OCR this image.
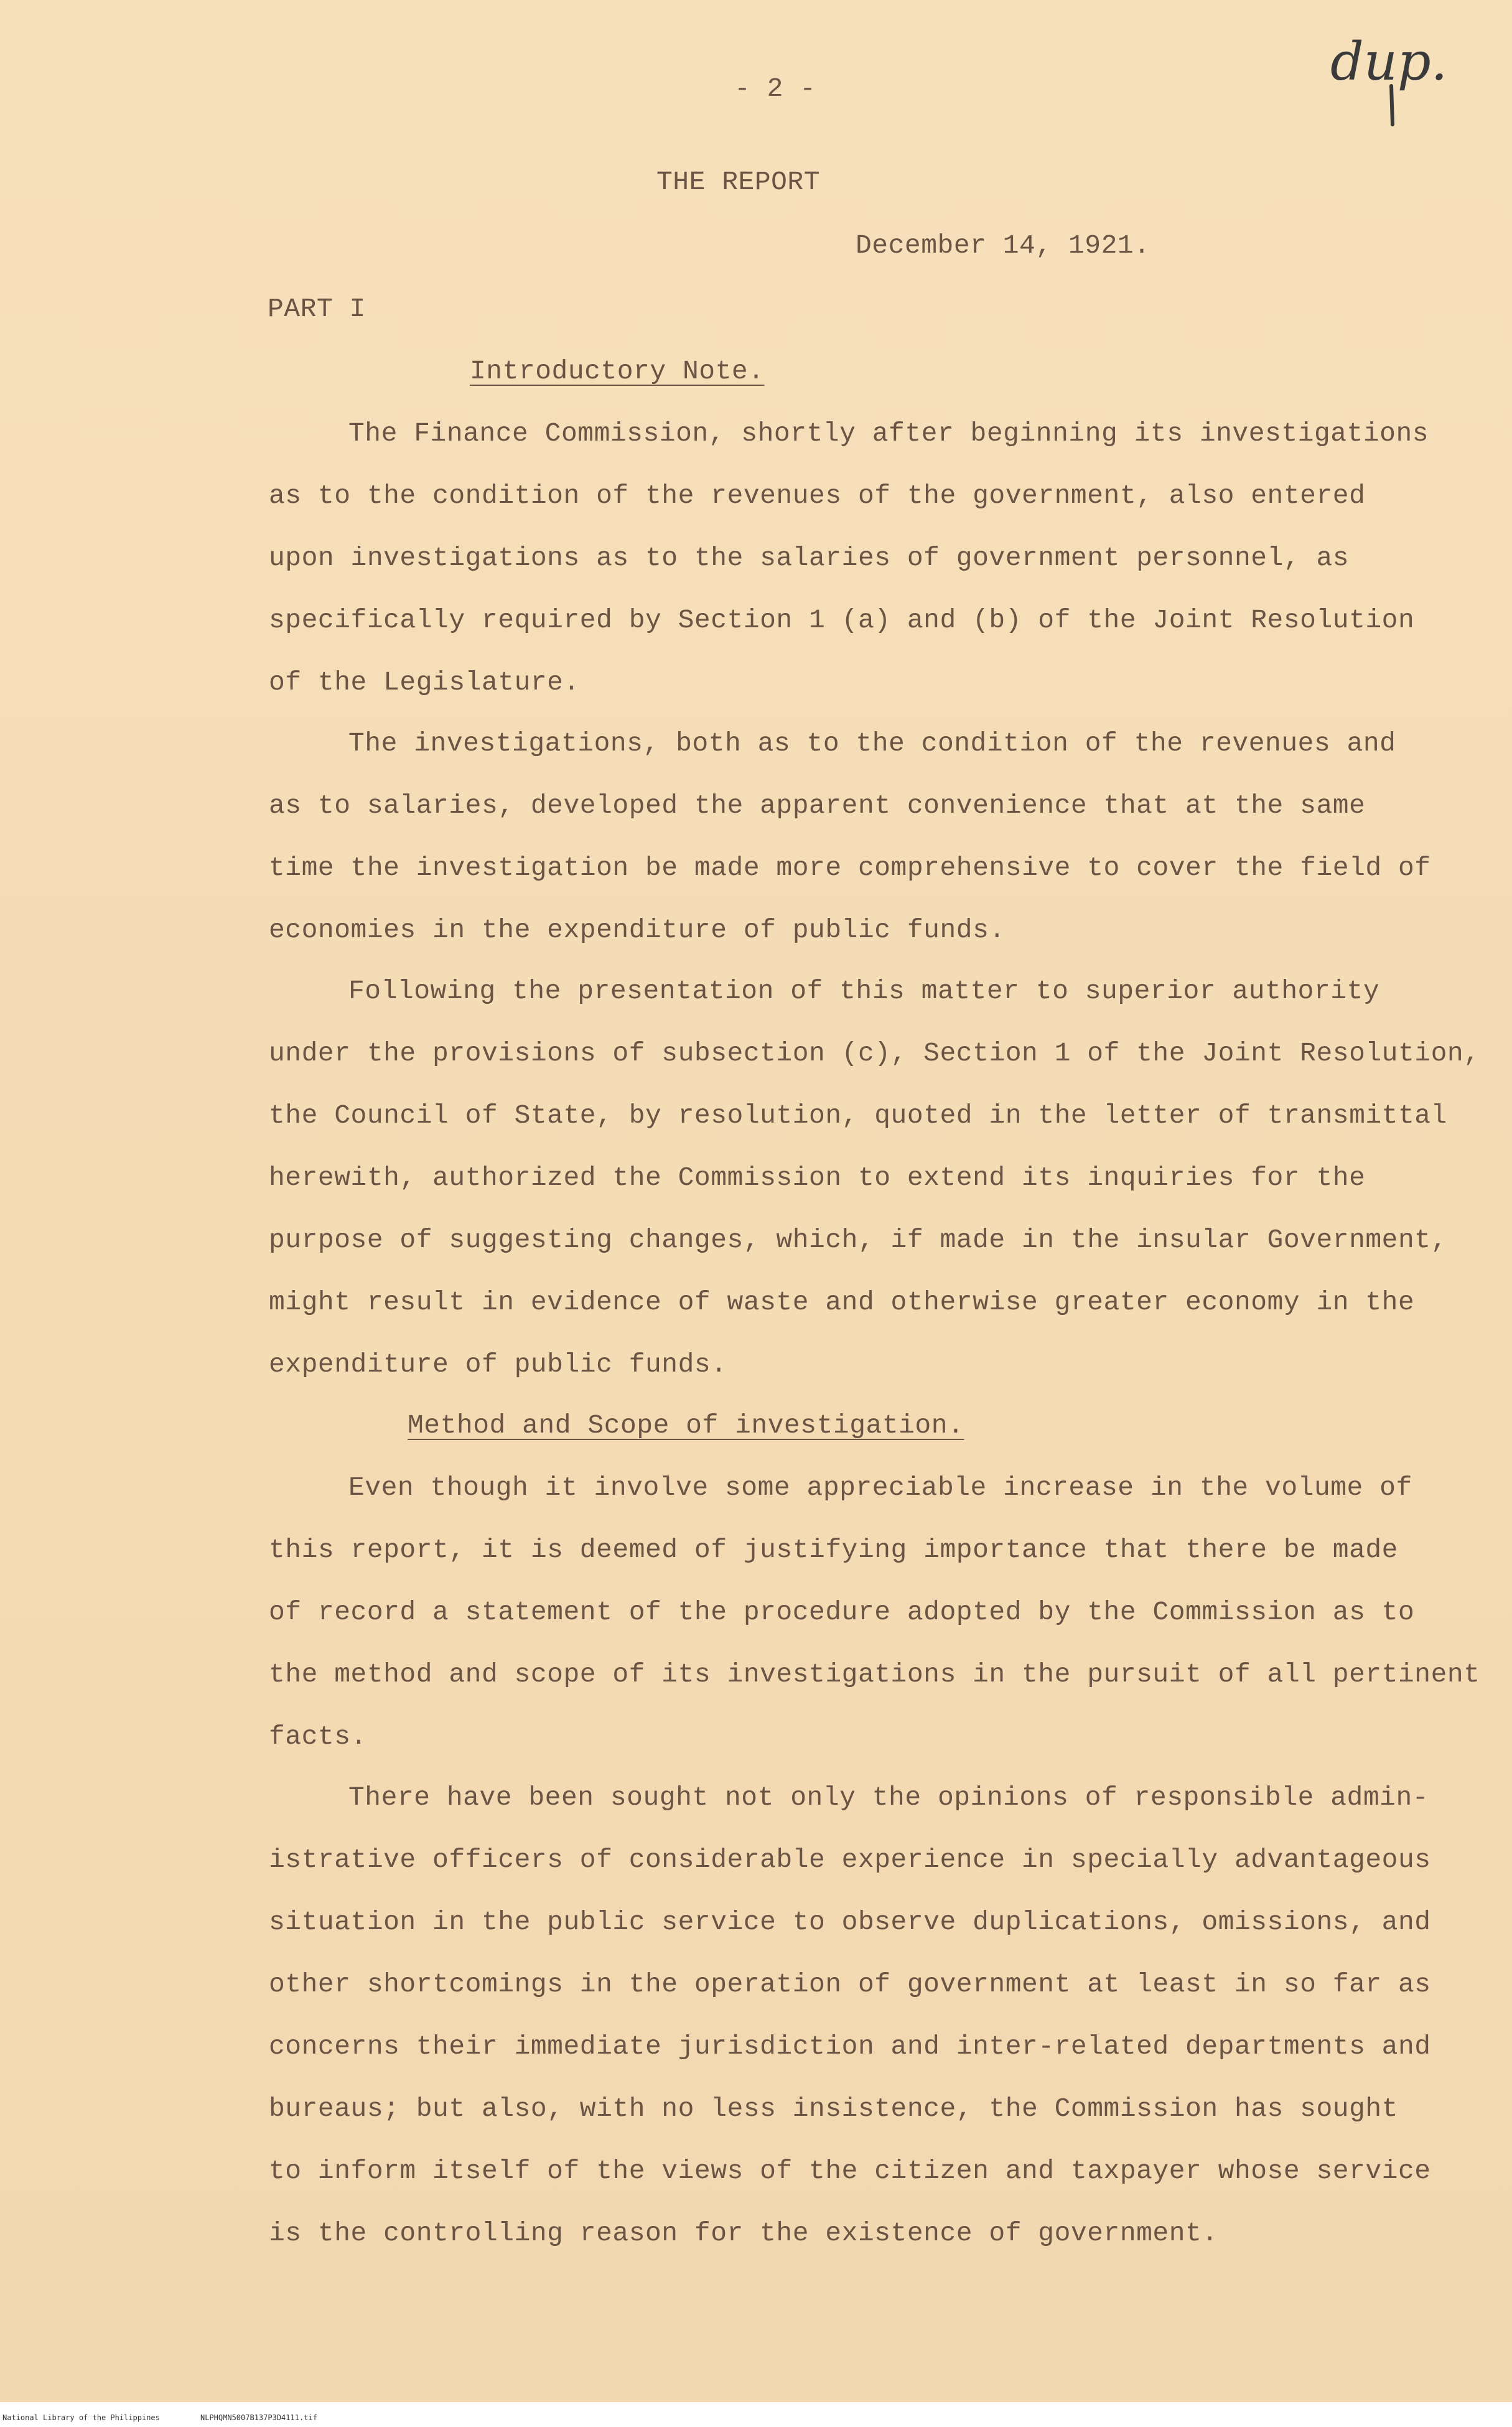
dup.
- 2 -
THE REPORT
December 14, 1921.
PART I
Introductory Note.
The Finance Commission, shortly after beginning its investigations
as to the condition of the revenues of the government, also entered
upon investigations as to the salaries of government personnel, as
specifically required by Section 1 (a) and (b) of the Joint Resolution
of the Legislature.
The investigations, both as to the condition of the revenues and
as to salaries, developed the apparent convenience that at the same
time the investigation be made more comprehensive to cover the field of
economies in the expenditure of public funds.
Following the presentation of this matter to superior authority
under the provisions of subsection (c), Section 1 of the Joint Resolution,
the Council of State, by resolution, quoted in the letter of transmittal
herewith, authorized the Commission to extend its inquiries for the
purpose of suggesting changes, which, if made in the insular Government,
might result in evidence of waste and otherwise greater economy in the
expenditure of public funds.
Method and Scope of investigation.
Even though it involve some appreciable increase in the volume of
this report, it is deemed of justifying importance that there be made
of record a statement of the procedure adopted by the Commission as to
the method and scope of its investigations in the pursuit of all pertinent
facts.
There have been sought not only the opinions of responsible admin-
istrative officers of considerable experience in specially advantageous
situation in the public service to observe duplications, omissions, and
other shortcomings in the operation of government at least in so far as
concerns their immediate jurisdiction and inter-related departments and
bureaus; but also, with no less insistence, the Commission has sought
to inform itself of the views of the citizen and taxpayer whose service
is the controlling reason for the existence of government.
National Library of the Philippines	NLPHQMN5007B137P3D4111.tif
